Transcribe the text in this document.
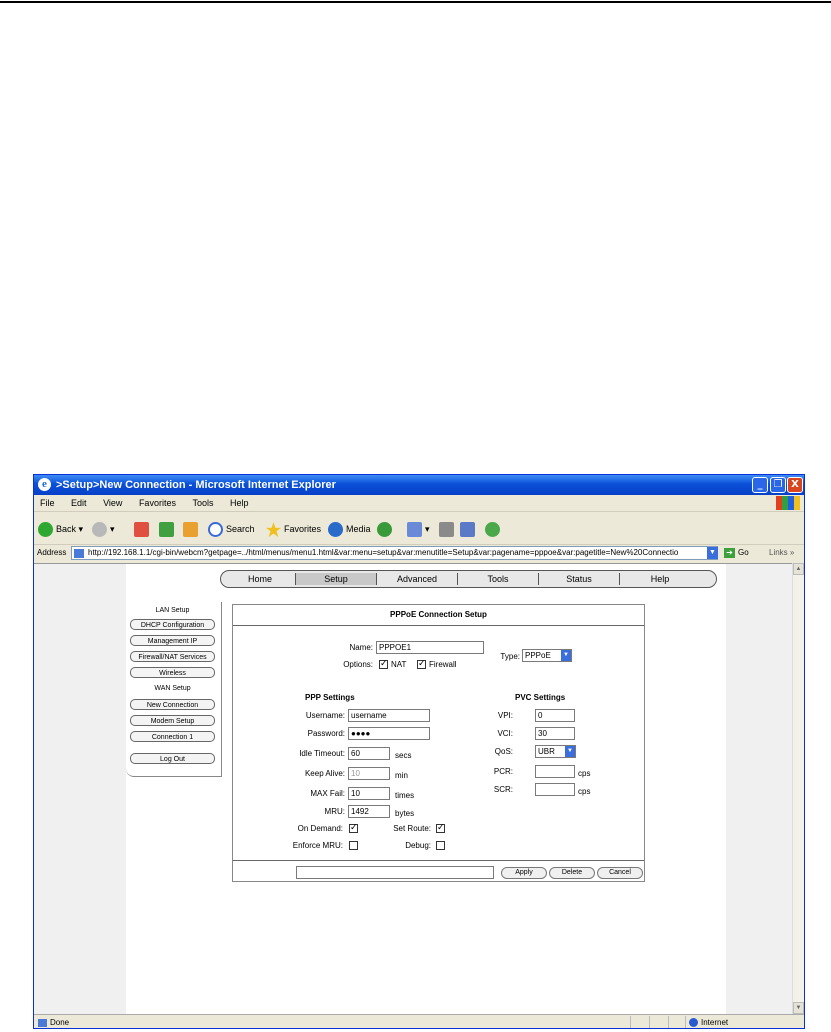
e >Setup>New Connection - Microsoft Internet Explorer	_	❐ X
File Edit View Favorites Tools Help
Back ▾	▾	Search	Favorites	Media	▾
Address	http://192.168.1.1/cgi-bin/webcm?getpage=../html/menus/menu1.html&var:menu=setup&var:menutitle=Setup&var:pagename=pppoe&var:pagetitle=New%20Connectio	▼
➔	Go	Links »
Home	Setup	Advanced	Tools	Status	Help
LAN Setup
DHCP Configuration
Management IP
Firewall/NAT Services
Wireless
WAN Setup
New Connection
Modem Setup
Connection 1
Log Out
PPPoE Connection Setup
Name: PPPOE1
Options: ✓ NAT ✓ Firewall
Type: PPPoE	▼
PPP Settings	PVC Settings
Username: username
Password: ●●●●
Idle Timeout: 60	secs
Keep Alive: 10	min
MAX Fail: 10	times
MRU: 1492	bytes
On Demand: ✓	Set Route: ✓
Enforce MRU:	Debug:
VPI:	0
VCI:	30
QoS:	UBR	▼
PCR:	cps
SCR:	cps
Apply	Delete	Cancel
▲
▼
Done	Internet
